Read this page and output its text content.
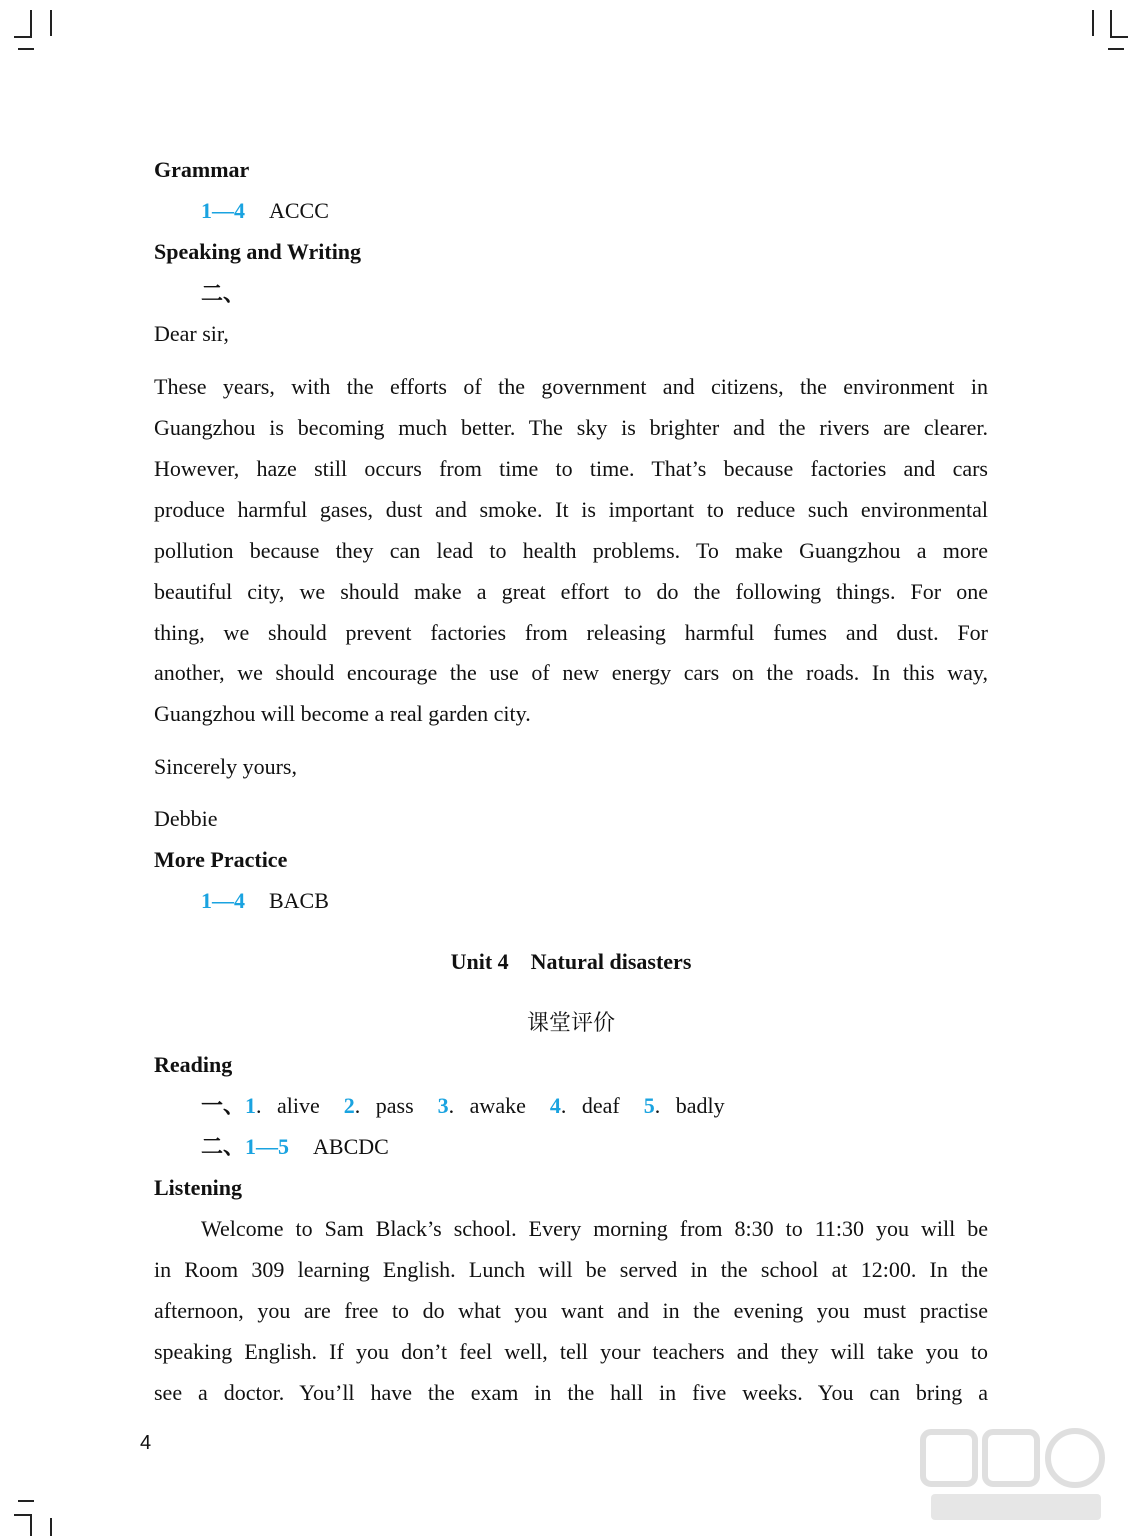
Grammar
1—4 ACCC
Speaking and Writing
二、
Dear sir,
These years, with the efforts of the government and citizens, the environment in
Guangzhou is becoming much better. The sky is brighter and the rivers are clearer.
However, haze still occurs from time to time. That’s because factories and cars
produce harmful gases, dust and smoke. It is important to reduce such environmental
pollution because they can lead to health problems. To make Guangzhou a more
beautiful city, we should make a great effort to do the following things. For one
thing, we should prevent factories from releasing harmful fumes and dust. For
another, we should encourage the use of new energy cars on the roads. In this way,
Guangzhou will become a real garden city.
Sincerely yours,
Debbie
More Practice
1—4 BACB
Unit 4    Natural disasters
课堂评价
Reading
一、1. alive 2. pass 3. awake 4. deaf 5. badly
二、1—5 ABCDC
Listening
Welcome to Sam Black’s school. Every morning from 8:30 to 11:30 you will be
in Room 309 learning English. Lunch will be served in the school at 12:00. In the
afternoon, you are free to do what you want and in the evening you must practise
speaking English. If you don’t feel well, tell your teachers and they will take you to
see a doctor. You’ll have the exam in the hall in five weeks. You can bring a
4
